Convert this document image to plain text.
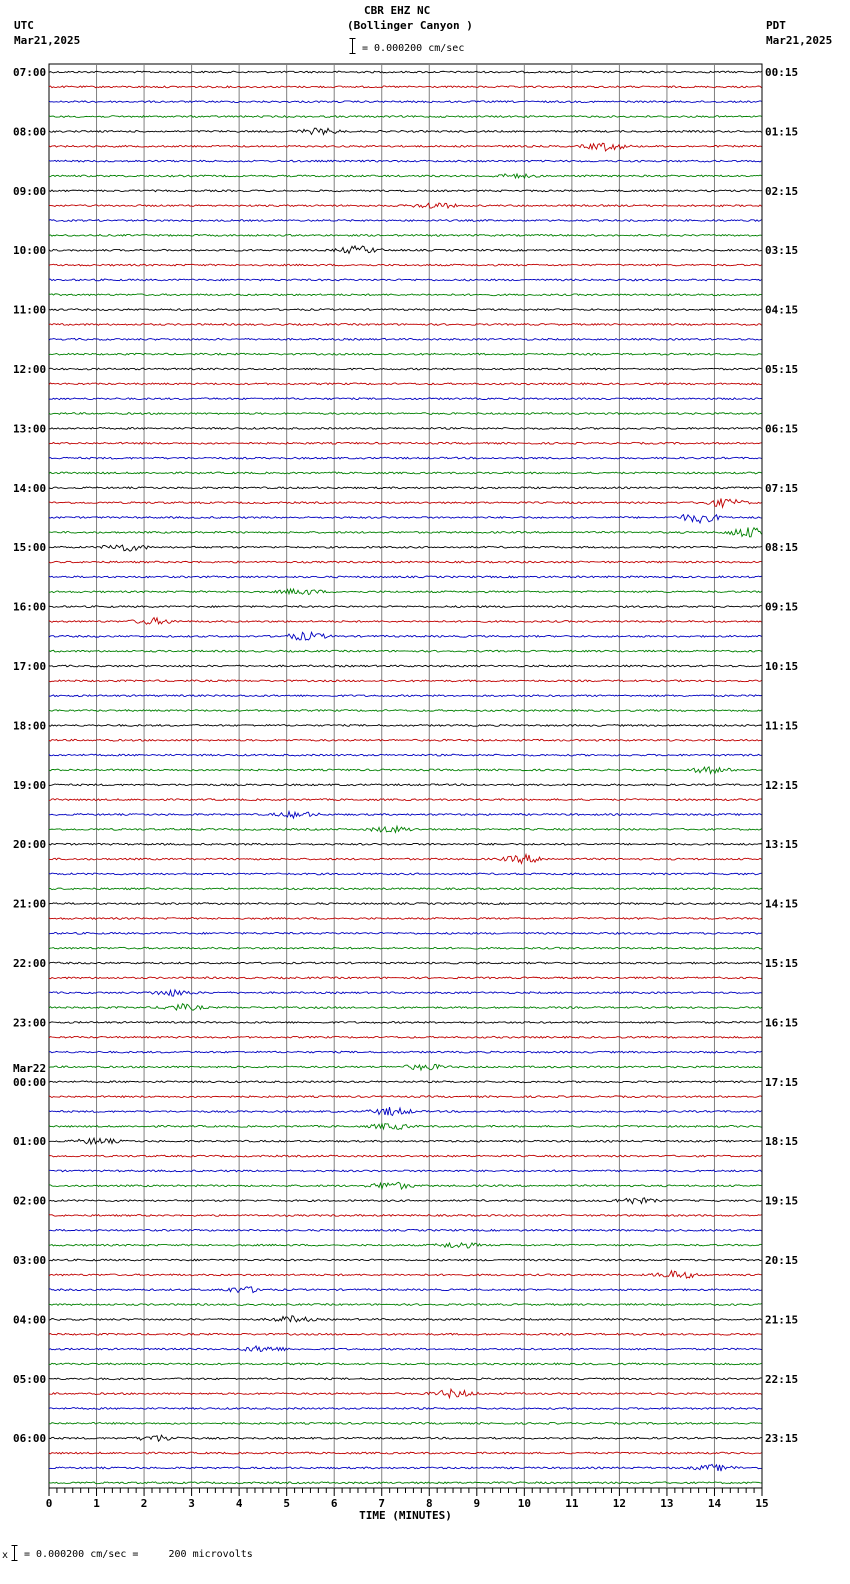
CBR EHZ NC
(Bollinger Canyon )
UTC
Mar21,2025
PDT
Mar21,2025
= 0.000200 cm/sec
07:00
08:00
09:00
10:00
11:00
12:00
13:00
14:00
15:00
16:00
17:00
18:00
19:00
20:00
21:00
22:00
23:00
00:00
01:00
02:00
03:00
04:00
05:00
06:00
00:15
01:15
02:15
03:15
04:15
05:15
06:15
07:15
08:15
09:15
10:15
11:15
12:15
13:15
14:15
15:15
16:15
17:15
18:15
19:15
20:15
21:15
22:15
23:15
Mar22
0	1	2	3	4	5	6	7	8	9	10	11	12	13	14	15
TIME (MINUTES)
x = 0.000200 cm/sec =     200 microvolts
